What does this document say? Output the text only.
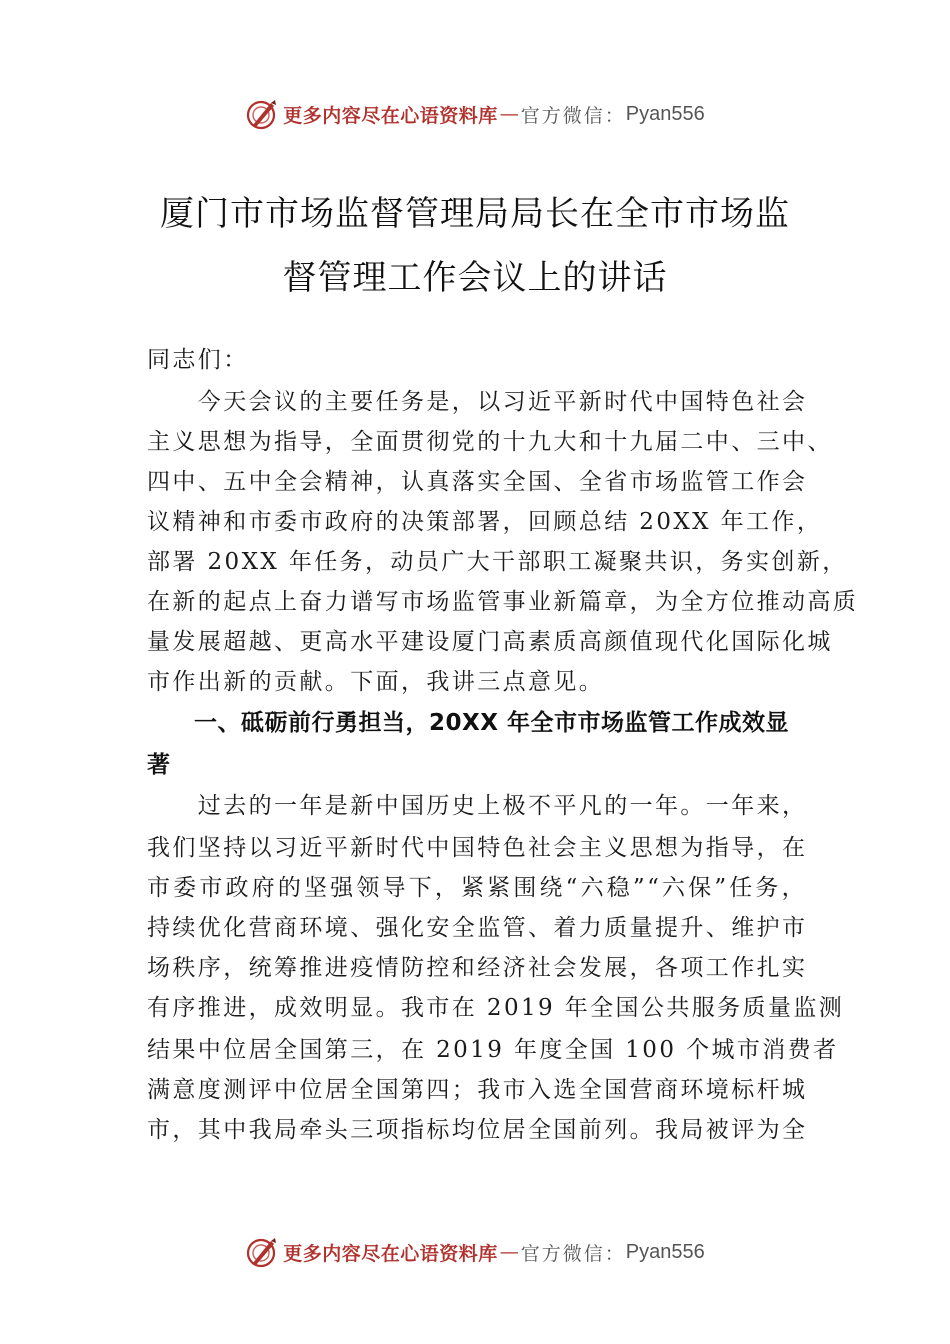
更多内容尽在心语资料库 — 官方微信： Pyan556
厦门市市场监督管理局局长在全市市场监
督管理工作会议上的讲话
同志们：
　　今天会议的主要任务是，以习近平新时代中国特色社会
主义思想为指导，全面贯彻党的十九大和十九届二中、三中、
四中、五中全会精神，认真落实全国、全省市场监管工作会
议精神和市委市政府的决策部署，回顾总结 20XX 年工作，
部署 20XX 年任务，动员广大干部职工凝聚共识，务实创新，
在新的起点上奋力谱写市场监管事业新篇章，为全方位推动高质
量发展超越、更高水平建设厦门高素质高颜值现代化国际化城
市作出新的贡献。下面，我讲三点意见。
　　一、砥砺前行勇担当，20XX 年全市市场监管工作成效显
著
　　过去的一年是新中国历史上极不平凡的一年。一年来，
我们坚持以习近平新时代中国特色社会主义思想为指导，在
市委市政府的坚强领导下，紧紧围绕“六稳”“六保”任务，
持续优化营商环境、强化安全监管、着力质量提升、维护市
场秩序，统筹推进疫情防控和经济社会发展，各项工作扎实
有序推进，成效明显。我市在 2019 年全国公共服务质量监测
结果中位居全国第三，在 2019 年度全国 100 个城市消费者
满意度测评中位居全国第四；我市入选全国营商环境标杆城
市，其中我局牵头三项指标均位居全国前列。我局被评为全
更多内容尽在心语资料库 — 官方微信： Pyan556
